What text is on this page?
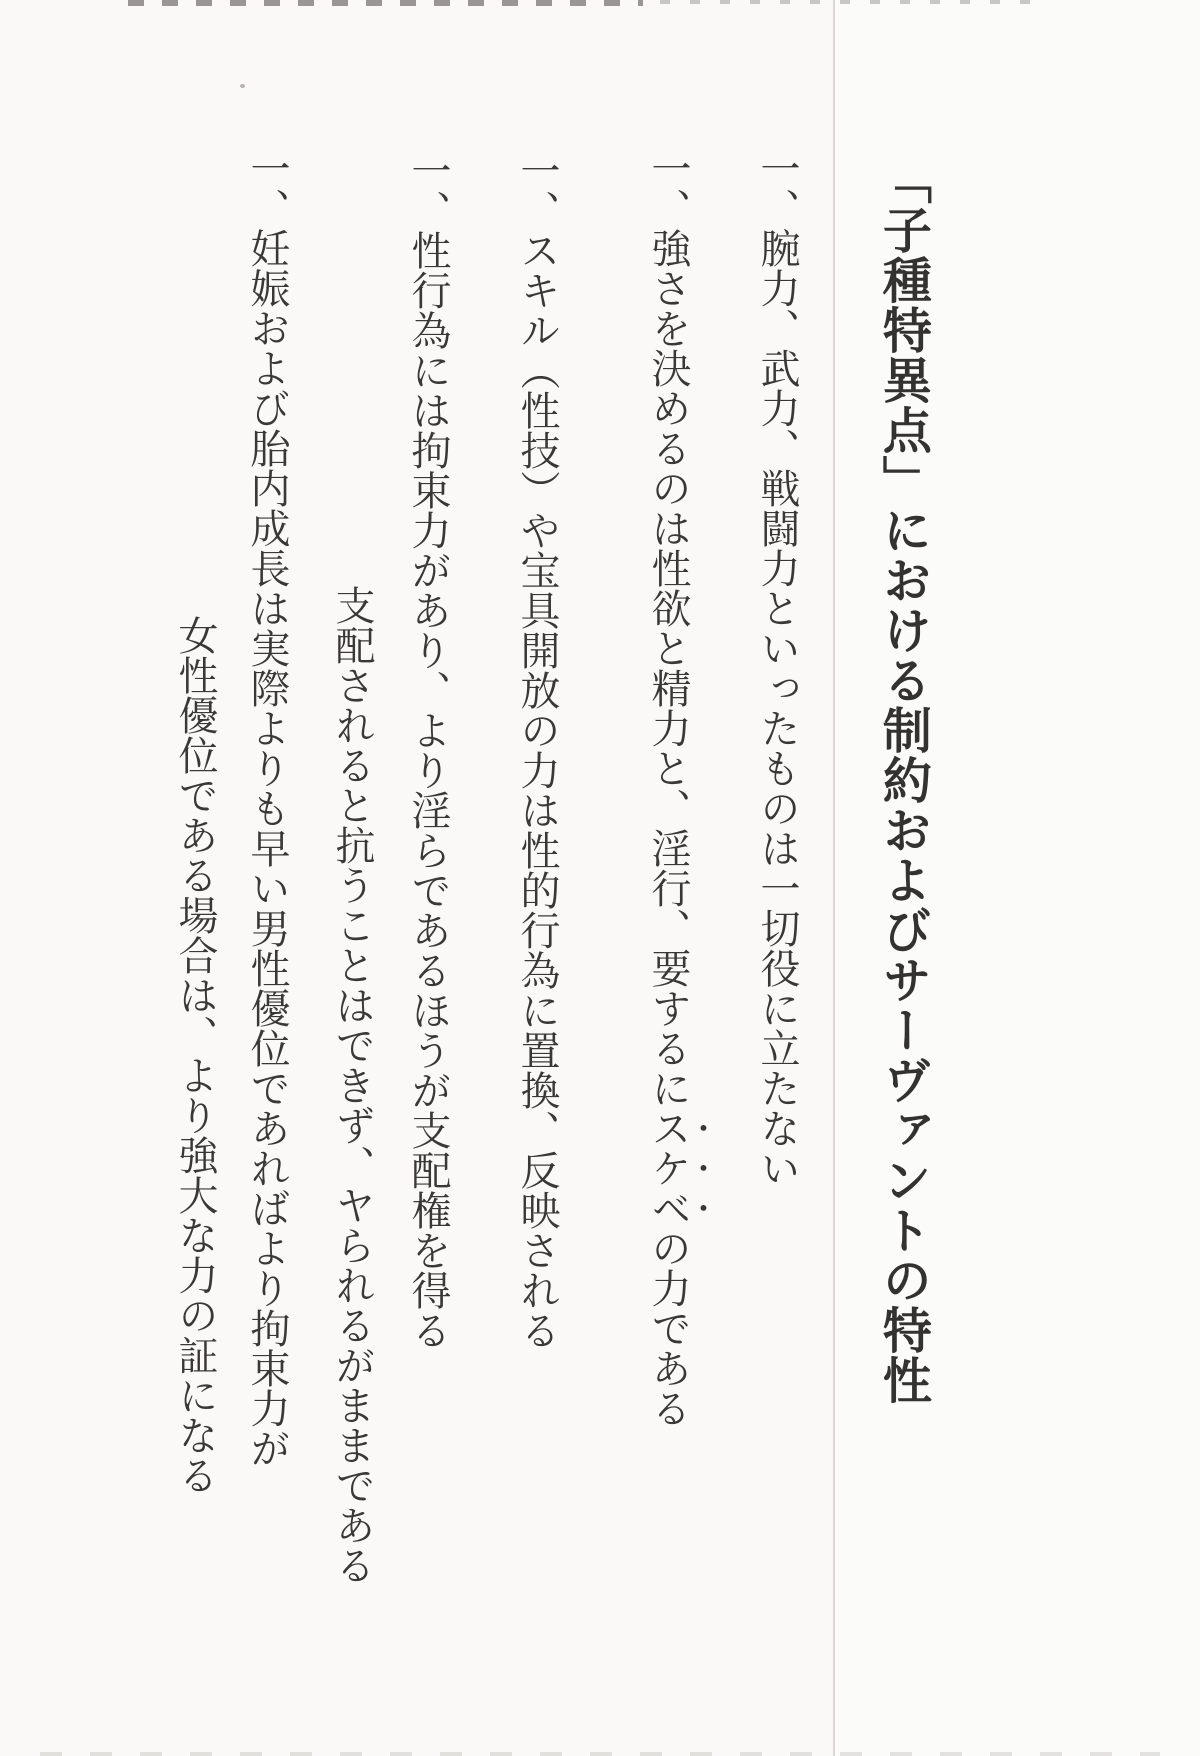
「子種特異点」における制約およびサーヴァントの特性
一、腕力、武力、戦闘力といったものは一切役に立たない
一、強さを決めるのは性欲と精力と、淫行、要するにスケベの力である
一、スキル（性技）や宝具開放の力は性的行為に置換、反映される
一、性行為には拘束力があり、より淫らであるほうが支配権を得る
支配されると抗うことはできず、ヤられるがままである
一、妊娠および胎内成長は実際よりも早い男性優位であればより拘束力が
女性優位である場合は、より強大な力の証になる
